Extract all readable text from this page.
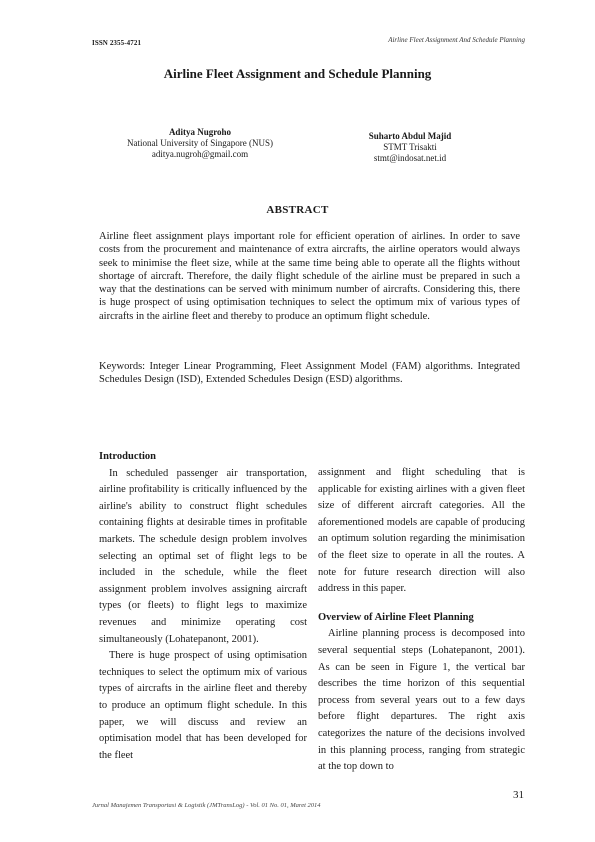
ISSN 2355-4721	Airline Fleet Assignment And Schedule Planning
Airline Fleet Assignment and Schedule Planning
Aditya Nugroho
National University of Singapore (NUS)
aditya.nugroh@gmail.com
Suharto Abdul Majid
STMT Trisakti
stmt@indosat.net.id
ABSTRACT
Airline fleet assignment plays important role for efficient operation of airlines. In order to save costs from the procurement and maintenance of extra aircrafts, the airline operators would always seek to minimise the fleet size, while at the same time being able to operate all the flights without shortage of aircraft. Therefore, the daily flight schedule of the airline must be prepared in such a way that the destinations can be served with minimum number of aircrafts. Considering this, there is huge prospect of using optimisation techniques to select the optimum mix of various types of aircrafts in the airline fleet and thereby to produce an optimum flight schedule.
Keywords: Integer Linear Programming, Fleet Assignment Model (FAM) algorithms. Integrated Schedules Design (ISD), Extended Schedules Design (ESD) algorithms.
Introduction

In scheduled passenger air transportation, airline profitability is critically influenced by the airline's ability to construct flight schedules containing flights at desirable times in profitable markets. The schedule design problem involves selecting an optimal set of flight legs to be included in the schedule, while the fleet assignment problem involves assigning aircraft types (or fleets) to flight legs to maximize revenues and minimize operating cost simultaneously (Lohatepanont, 2001).

There is huge prospect of using optimisation techniques to select the optimum mix of various types of aircrafts in the airline fleet and thereby to produce an optimum flight schedule. In this paper, we will discuss and review an optimisation model that has been developed for the fleet

assignment and flight scheduling that is applicable for existing airlines with a given fleet size of different aircraft categories. All the aforementioned models are capable of producing an optimum solution regarding the minimisation of the fleet size to operate in all the routes. A note for future research direction will also address in this paper.

Overview of Airline Fleet Planning

Airline planning process is decomposed into several sequential steps (Lohatepanont, 2001). As can be seen in Figure 1, the vertical bar describes the time horizon of this sequential process from several years out to a few days before flight departures. The right axis categorizes the nature of the decisions involved in this planning process, ranging from strategic at the top down to

31
Jurnal Manajemen Transportasi & Logistik (JMTransLog) - Vol. 01 No. 01, Maret 2014
